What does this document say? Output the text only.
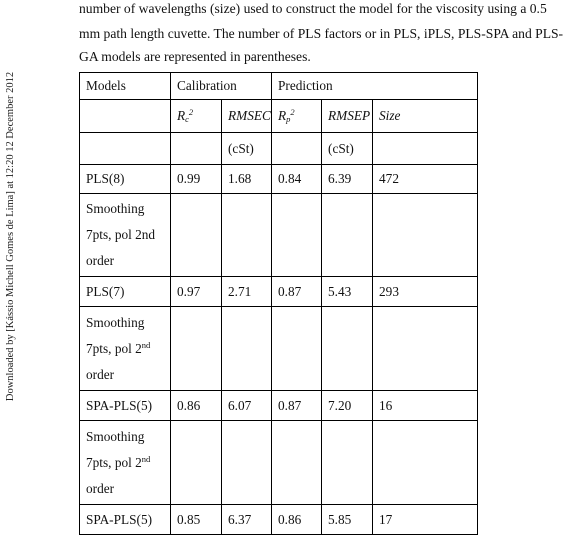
Downloaded by [Kássio Michell Gomes de Lima] at 12:20 12 December 2012
number of wavelengths (size) used to construct the model for the viscosity using a 0.5
mm path length cuvette. The number of PLS factors or in PLS, iPLS, PLS-SPA and PLS-
GA models are represented in parentheses.
Models	Calibration		Prediction		
	$R_c^2$	RMSEC	$R_p^2$	RMSEP	Size
		(cSt)		(cSt)	
PLS(8)	0.99	1.68	0.84	6.39	472

Smoothing
7pts, pol 2nd
order					

PLS(7)	0.97	2.71	0.87	5.43	293

Smoothing
7pts, pol 2nd
order					

SPA-PLS(5)	0.86	6.07	0.87	7.20	16

Smoothing
7pts, pol 2nd
order					

SPA-PLS(5)	0.85	6.37	0.86	5.85	17
